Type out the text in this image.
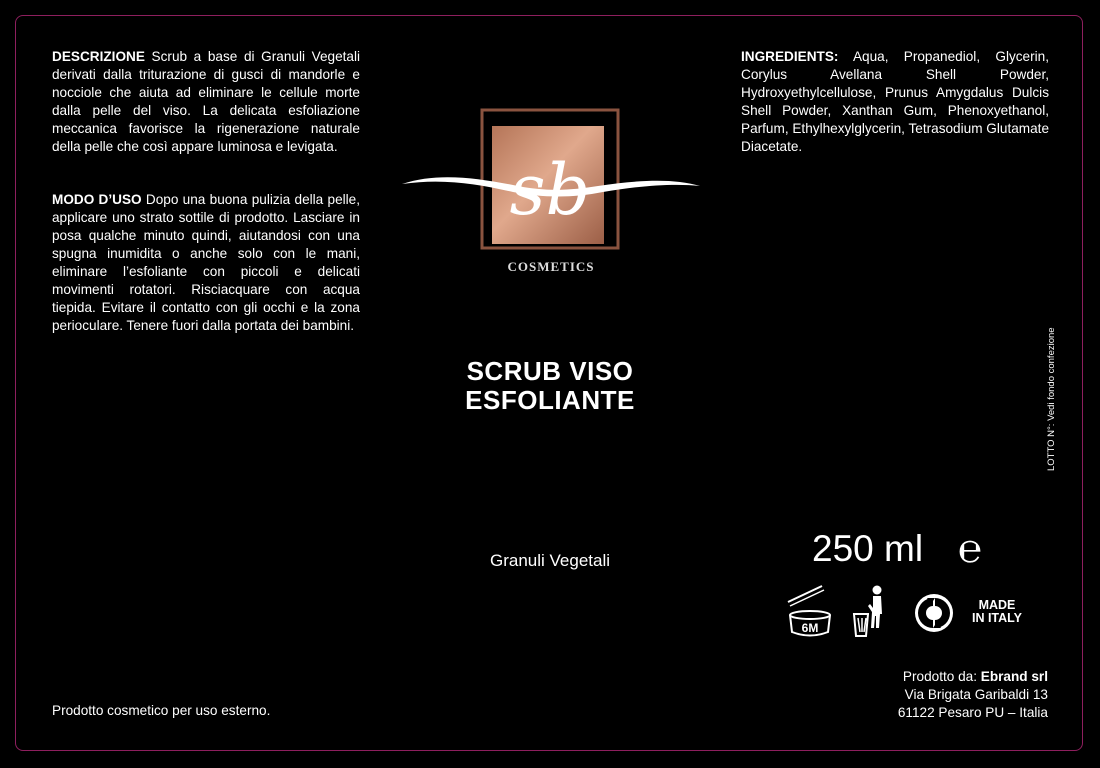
DESCRIZIONE Scrub a base di Granuli Vegetali derivati dalla triturazione di gusci di mandorle e nocciole che aiuta ad eliminare le cellule morte dalla pelle del viso. La delicata esfoliazione meccanica favorisce la rigenerazione naturale della pelle che così appare luminosa e levigata.

MODO D’USO Dopo una buona pulizia della pelle, applicare uno strato sottile di prodotto. Lasciare in posa qualche minuto quindi, aiutandosi con una spugna inumidita o anche solo con le mani, eliminare l’esfoliante con piccoli e delicati movimenti rotatori. Risciacquare con acqua tiepida. Evitare il contatto con gli occhi e la zona perioculare. Tenere fuori dalla portata dei bambini.

INGREDIENTS: Aqua, Propanediol, Glycerin, Corylus Avellana Shell Powder, Hydroxyethylcellulose, Prunus Amygdalus Dulcis Shell Powder, Xanthan Gum, Phenoxyethanol, Parfum, Ethylhexylglycerin, Tetrasodium Glutamate Diacetate.

sb
COSMETICS
SCRUB VISO
ESFOLIANTE
Granuli Vegetali	250 ml ℮
LOTTO N°: Vedi fondo confezione
6M
MADE
IN ITALY
Prodotto cosmetico per uso esterno.
Prodotto da: Ebrand srl
Via Brigata Garibaldi 13
61122 Pesaro PU – Italia
